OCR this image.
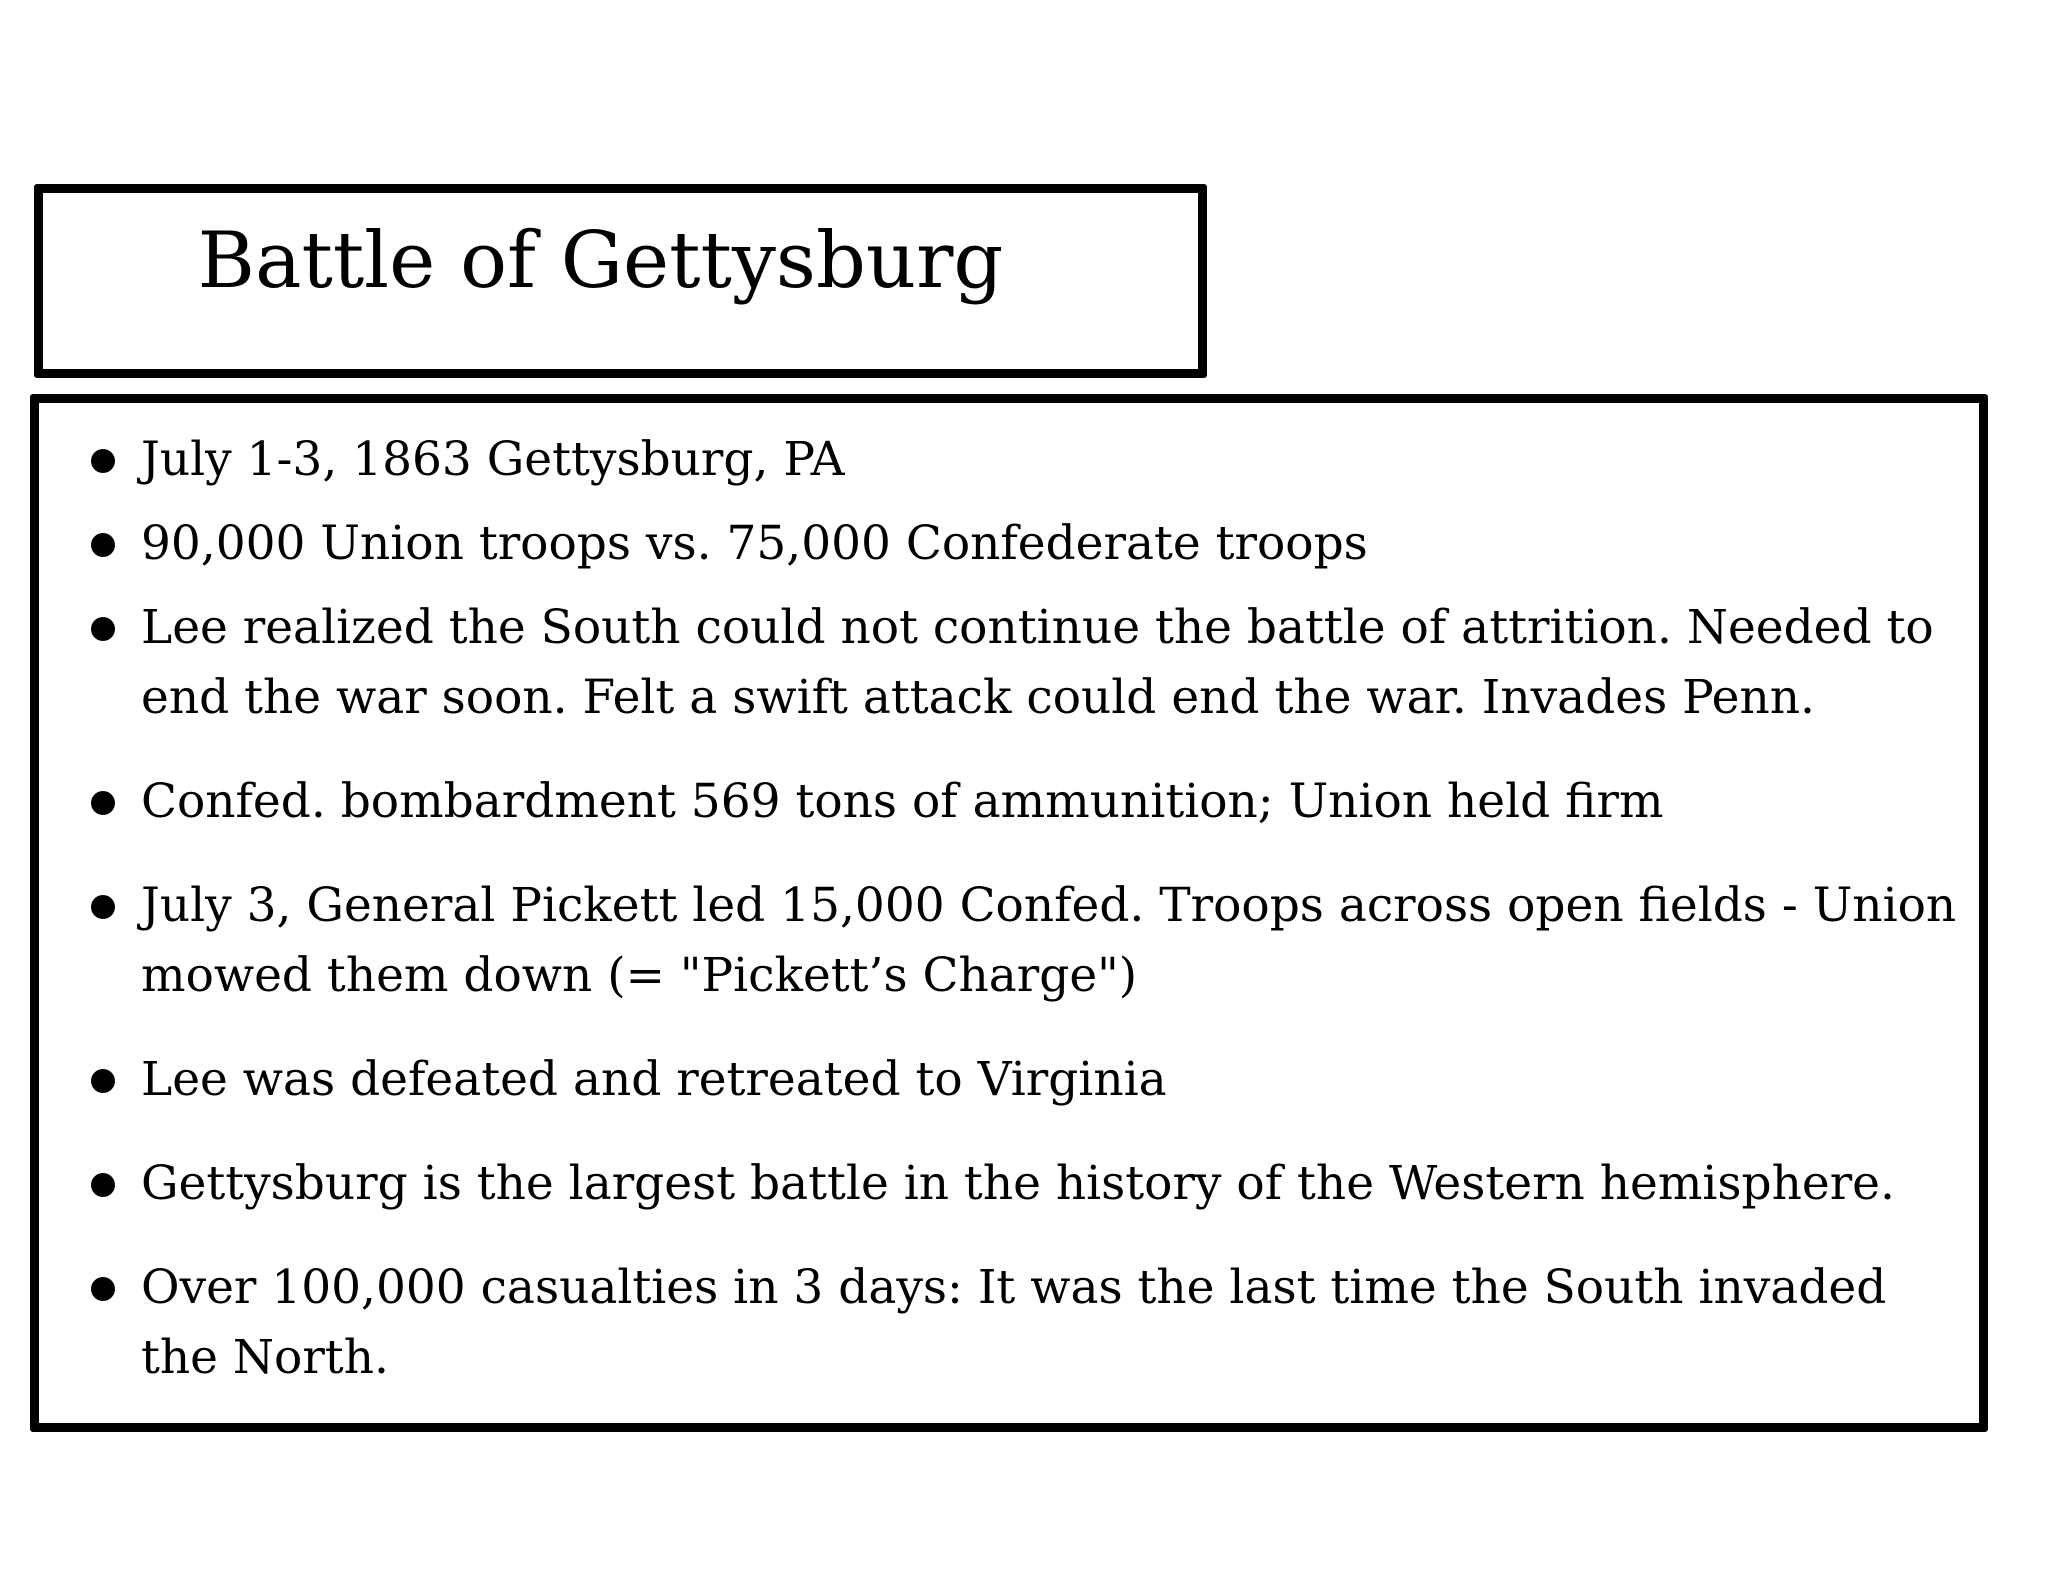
Battle of Gettysburg
July 1-3, 1863 Gettysburg, PA
90,000 Union troops vs. 75,000 Confederate troops
Lee realized the South could not continue the battle of attrition. Needed to end the war soon. Felt a swift attack could end the war. Invades Penn.
Confed. bombardment 569 tons of ammunition; Union held firm
July 3, General Pickett led 15,000 Confed. Troops across open fields - Union mowed them down (= "Pickett’s Charge")
Lee was defeated and retreated to Virginia
Gettysburg is the largest battle in the history of the Western hemisphere.
Over 100,000 casualties in 3 days: It was the last time the South invaded the North.
